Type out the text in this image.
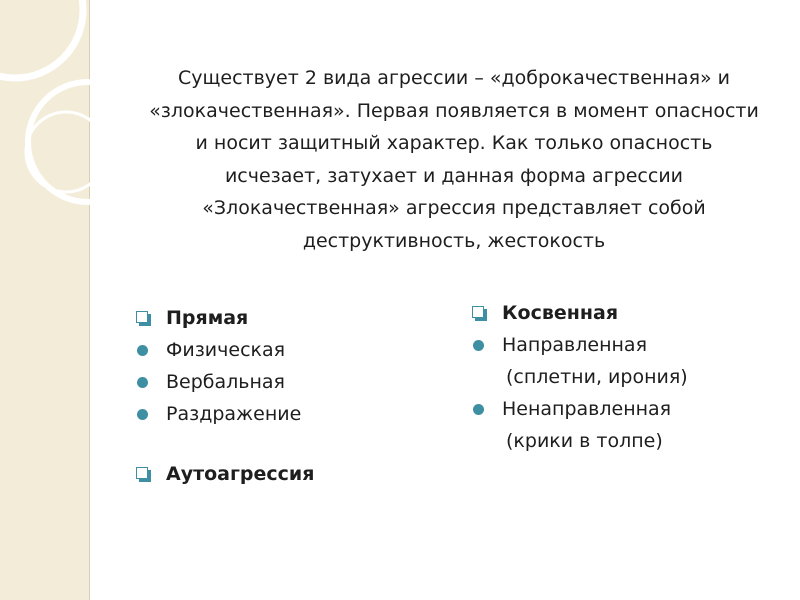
Существует 2 вида агрессии – «доброкачественная» и «злокачественная». Первая появляется в момент опасности и носит защитный характер. Как только опасность исчезает, затухает и данная форма агрессии «Злокачественная» агрессия представляет собой деструктивность, жестокость

Прямая
Физическая
Вербальная
Раздражение
Аутоагрессия
Косвенная
Направленная
(сплетни, ирония)
Ненаправленная
(крики в толпе)
